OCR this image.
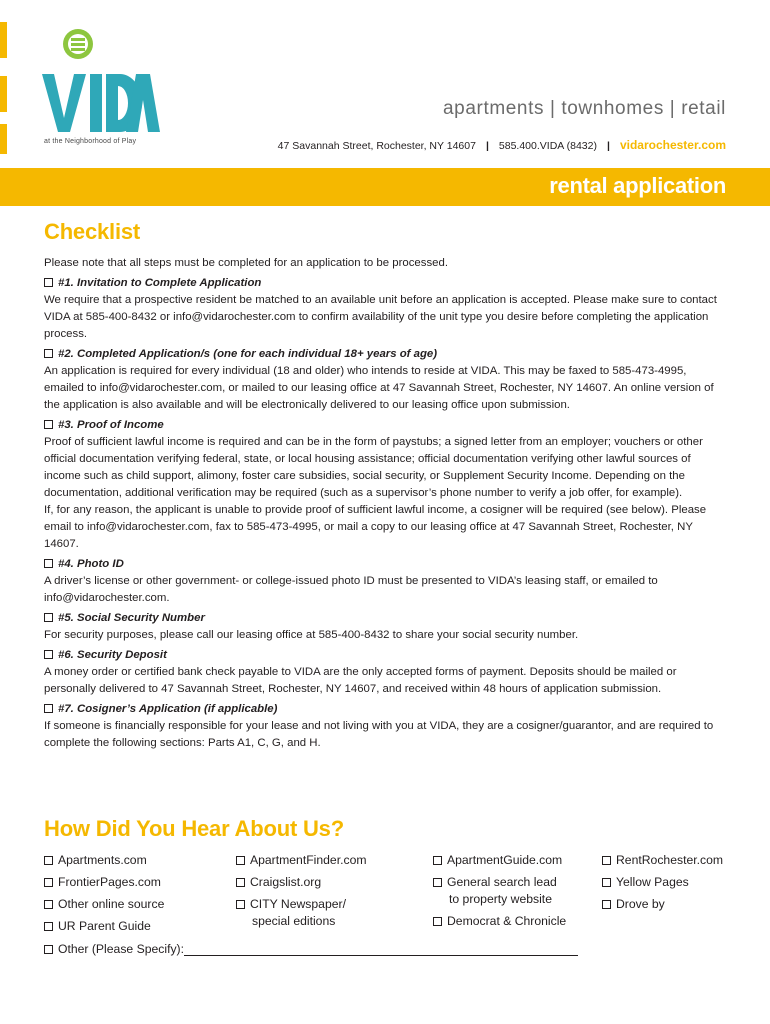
at the Neighborhood of Play
apartments | townhomes | retail
47 Savannah Street, Rochester, NY 14607 | 585.400.VIDA (8432) | vidarochester.com
rental application
Checklist

Please note that all steps must be completed for an application to be processed.

#1. Invitation to Complete Application

We require that a prospective resident be matched to an available unit before an application is accepted. Please make sure to contact VIDA at 585-400-8432 or info@vidarochester.com to confirm availability of the unit type you desire before completing the application process.

#2. Completed Application/s (one for each individual 18+ years of age)

An application is required for every individual (18 and older) who intends to reside at VIDA. This may be faxed to 585-473-4995, emailed to info@vidarochester.com, or mailed to our leasing office at 47 Savannah Street, Rochester, NY 14607. An online version of the application is also available and will be electronically delivered to our leasing office upon submission.

#3. Proof of Income

Proof of sufficient lawful income is required and can be in the form of paystubs; a signed letter from an employer; vouchers or other official documentation verifying federal, state, or local housing assistance; official documentation verifying other lawful sources of income such as child support, alimony, foster care subsidies, social security, or Supplement Security Income. Depending on the documentation, additional verification may be required (such as a supervisor’s phone number to verify a job offer, for example).

If, for any reason, the applicant is unable to provide proof of sufficient lawful income, a cosigner will be required (see below). Please email to info@vidarochester.com, fax to 585-473-4995, or mail a copy to our leasing office at 47 Savannah Street, Rochester, NY 14607.

#4. Photo ID

A driver’s license or other government- or college-issued photo ID must be presented to VIDA’s leasing staff, or emailed to info@vidarochester.com.

#5. Social Security Number

For security purposes, please call our leasing office at 585-400-8432 to share your social security number.

#6. Security Deposit

A money order or certified bank check payable to VIDA are the only accepted forms of payment. Deposits should be mailed or personally delivered to 47 Savannah Street, Rochester, NY 14607, and received within 48 hours of application submission.

#7. Cosigner’s Application (if applicable)

If someone is financially responsible for your lease and not living with you at VIDA, they are a cosigner/guarantor, and are required to complete the following sections: Parts A1, C, G, and H.

How Did You Hear About Us?

Apartments.com

FrontierPages.com

Other online source

UR Parent Guide

ApartmentFinder.com

Craigslist.org

CITY Newspaper/

special editions

ApartmentGuide.com

General search lead

to property website

Democrat & Chronicle

RentRochester.com

Yellow Pages

Drove by

Other (Please Specify):
